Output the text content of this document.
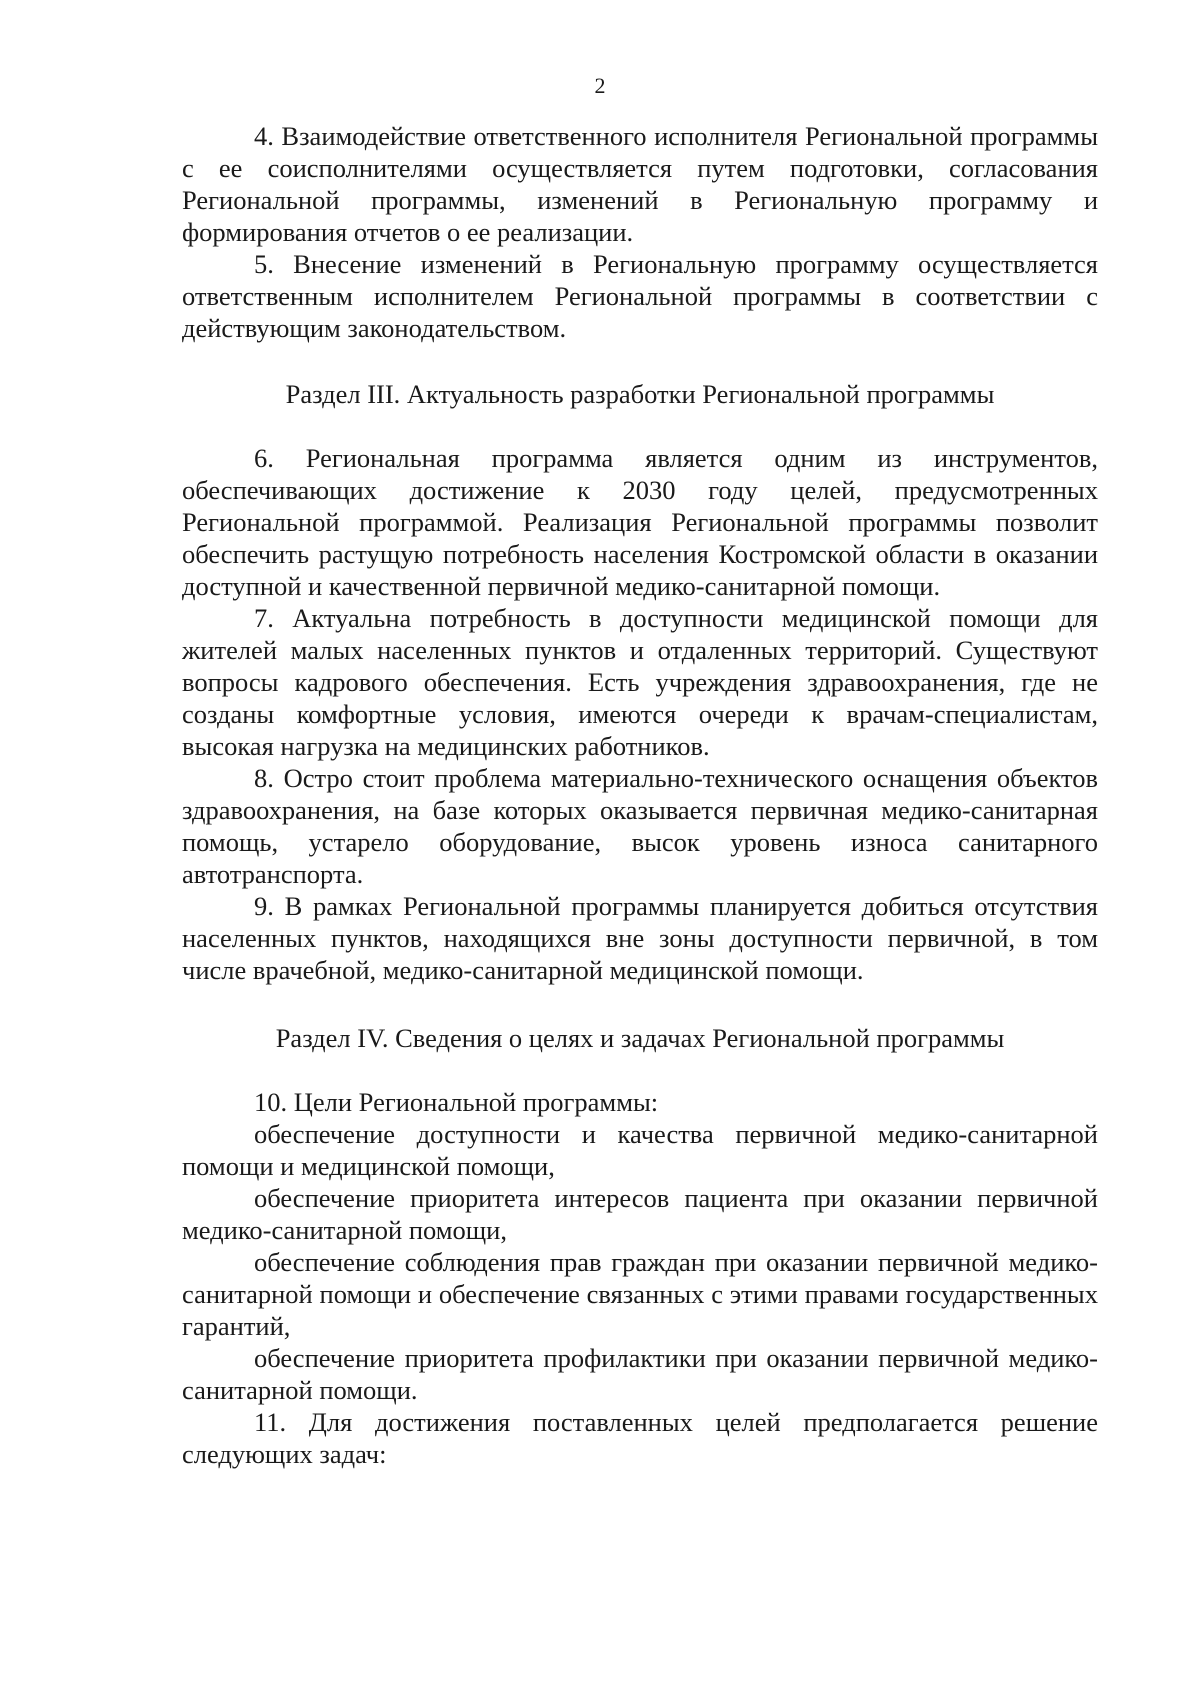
2

4. Взаимодействие ответственного исполнителя Региональной программы с ее соисполнителями осуществляется путем подготовки, согласования Региональной программы, изменений в Региональную программу и формирования отчетов о ее реализации.

5. Внесение изменений в Региональную программу осуществляется ответственным исполнителем Региональной программы в соответствии с действующим законодательством.

Раздел III. Актуальность разработки Региональной программы

6. Региональная программа является одним из инструментов, обеспечивающих достижение к 2030 году целей, предусмотренных Региональной программой. Реализация Региональной программы позволит обеспечить растущую потребность населения Костромской области в оказании доступной и качественной первичной медико-санитарной помощи.

7. Актуальна потребность в доступности медицинской помощи для жителей малых населенных пунктов и отдаленных территорий. Существуют вопросы кадрового обеспечения. Есть учреждения здравоохранения, где не созданы комфортные условия, имеются очереди к врачам-специалистам, высокая нагрузка на медицинских работников.

8. Остро стоит проблема материально-технического оснащения объектов здравоохранения, на базе которых оказывается первичная медико-санитарная помощь, устарело оборудование, высок уровень износа санитарного автотранспорта.

9. В рамках Региональной программы планируется добиться отсутствия населенных пунктов, находящихся вне зоны доступности первичной, в том числе врачебной, медико-санитарной медицинской помощи.

Раздел IV. Сведения о целях и задачах Региональной программы

10. Цели Региональной программы:

обеспечение доступности и качества первичной медико-санитарной помощи и медицинской помощи,

обеспечение приоритета интересов пациента при оказании первичной медико-санитарной помощи,

обеспечение соблюдения прав граждан при оказании первичной медико-санитарной помощи и обеспечение связанных с этими правами государственных гарантий,

обеспечение приоритета профилактики при оказании первичной медико-санитарной помощи.

11. Для достижения поставленных целей предполагается решение следующих задач:
